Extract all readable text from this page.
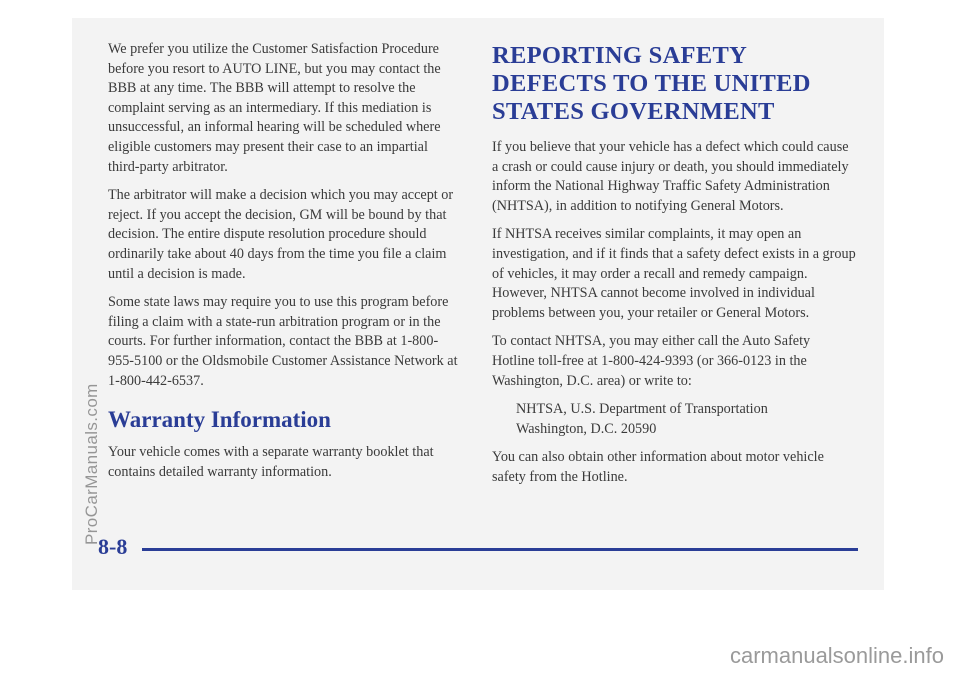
We prefer you utilize the Customer Satisfaction Procedure before you resort to AUTO LINE, but you may contact the BBB at any time. The BBB will attempt to resolve the complaint serving as an intermediary. If this mediation is unsuccessful, an informal hearing will be scheduled where eligible customers may present their case to an impartial third-party arbitrator.

The arbitrator will make a decision which you may accept or reject. If you accept the decision, GM will be bound by that decision. The entire dispute resolution procedure should ordinarily take about 40 days from the time you file a claim until a decision is made.

Some state laws may require you to use this program before filing a claim with a state-run arbitration program or in the courts. For further information, contact the BBB at 1-800-955-5100 or the Oldsmobile Customer Assistance Network at 1-800-442-6537.

Warranty Information

Your vehicle comes with a separate warranty booklet that contains detailed warranty information.

REPORTING SAFETY DEFECTS TO THE UNITED STATES GOVERNMENT

If you believe that your vehicle has a defect which could cause a crash or could cause injury or death, you should immediately inform the National Highway Traffic Safety Administration (NHTSA), in addition to notifying General Motors.

If NHTSA receives similar complaints, it may open an investigation, and if it finds that a safety defect exists in a group of vehicles, it may order a recall and remedy campaign. However, NHTSA cannot become involved in individual problems between you, your retailer or General Motors.

To contact NHTSA, you may either call the Auto Safety Hotline toll-free at 1-800-424-9393 (or 366-0123 in the Washington, D.C. area) or write to:

NHTSA, U.S. Department of Transportation
Washington, D.C. 20590

You can also obtain other information about motor vehicle safety from the Hotline.

8-8
ProCarManuals.com
carmanualsonline.info
